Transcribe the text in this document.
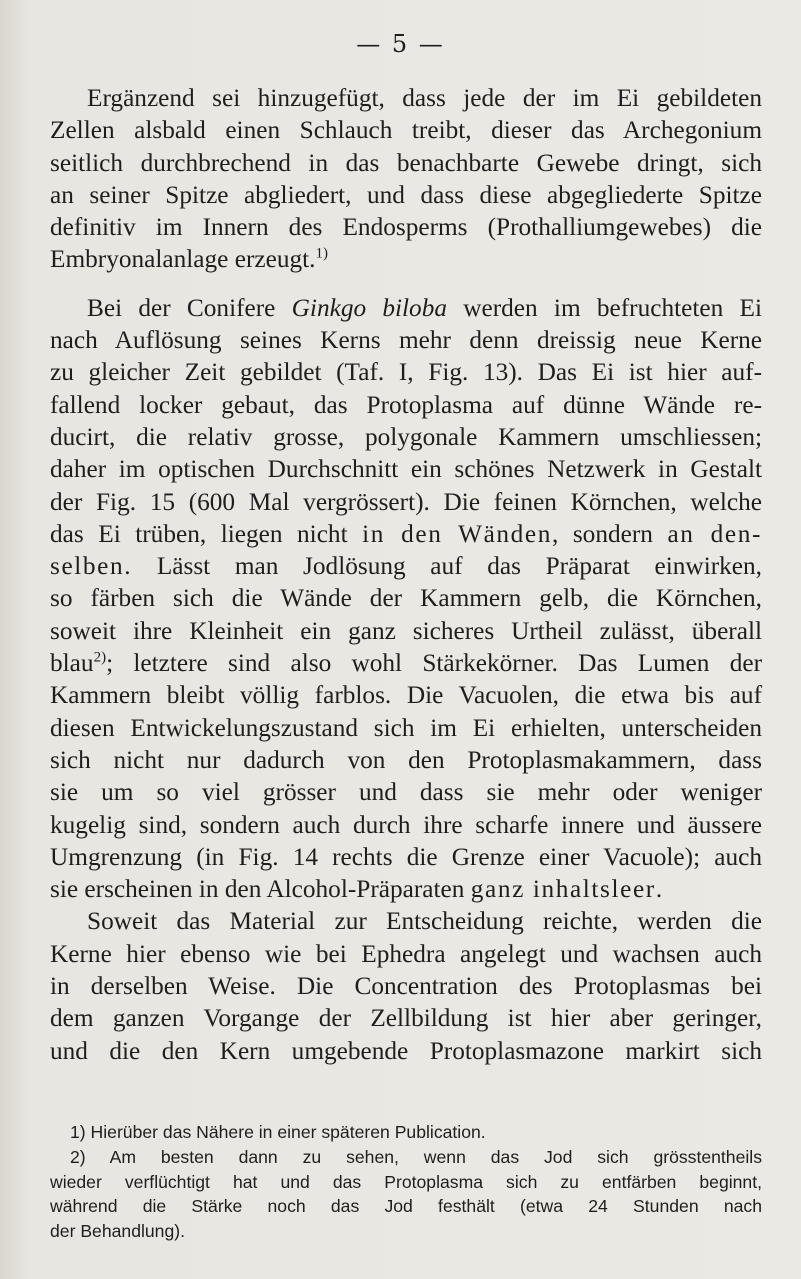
— 5 —

Ergänzend sei hinzugefügt, dass jede der im Ei gebildeten
Zellen alsbald einen Schlauch treibt, dieser das Archegonium
seitlich durchbrechend in das benachbarte Gewebe dringt, sich
an seiner Spitze abgliedert, und dass diese abgegliederte Spitze
definitiv im Innern des Endosperms (Prothalliumgewebes) die
Embryonalanlage erzeugt.$^{1)}$

Bei der Conifere Ginkgo biloba werden im befruchteten Ei
nach Auflösung seines Kerns mehr denn dreissig neue Kerne
zu gleicher Zeit gebildet (Taf. I, Fig. 13). Das Ei ist hier auf-
fallend locker gebaut, das Protoplasma auf dünne Wände re-
ducirt, die relativ grosse, polygonale Kammern umschliessen;
daher im optischen Durchschnitt ein schönes Netzwerk in Gestalt
der Fig. 15 (600 Mal vergrössert). Die feinen Körnchen, welche
das Ei trüben, liegen nicht in den Wänden, sondern an den-
selben. Lässt man Jodlösung auf das Präparat einwirken,
so färben sich die Wände der Kammern gelb, die Körnchen,
soweit ihre Kleinheit ein ganz sicheres Urtheil zulässt, überall
blau$^{2)}$; letztere sind also wohl Stärkekörner. Das Lumen der
Kammern bleibt völlig farblos. Die Vacuolen, die etwa bis auf
diesen Entwickelungszustand sich im Ei erhielten, unterscheiden
sich nicht nur dadurch von den Protoplasmakammern, dass
sie um so viel grösser und dass sie mehr oder weniger
kugelig sind, sondern auch durch ihre scharfe innere und äussere
Umgrenzung (in Fig. 14 rechts die Grenze einer Vacuole); auch
sie erscheinen in den Alcohol-Präparaten ganz inhaltsleer.

Soweit das Material zur Entscheidung reichte, werden die
Kerne hier ebenso wie bei Ephedra angelegt und wachsen auch
in derselben Weise. Die Concentration des Protoplasmas bei
dem ganzen Vorgange der Zellbildung ist hier aber geringer,
und die den Kern umgebende Protoplasmazone markirt sich

1) Hierüber das Nähere in einer späteren Publication.
2) Am besten dann zu sehen, wenn das Jod sich grösstentheils
wieder verflüchtigt hat und das Protoplasma sich zu entfärben beginnt,
während die Stärke noch das Jod festhält (etwa 24 Stunden nach
der Behandlung).
